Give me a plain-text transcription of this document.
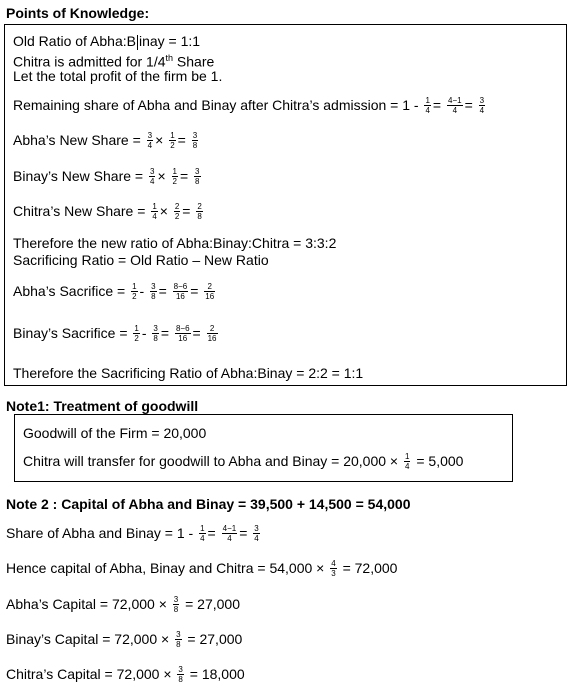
Points of Knowledge:
Old Ratio of Abha:B inay = 1:1
Chitra is admitted for 1/4th Share
Let the total profit of the firm be 1.
Remaining share of Abha and Binay after Chitra’s admission = $1 - \frac{1}{4} = \frac{4-1}{4} = \frac{3}{4}$
Abha’s New Share = $\frac{3}{4} \times \frac{1}{2} = \frac{3}{8}$
Binay’s New Share = $\frac{3}{4} \times \frac{1}{2} = \frac{3}{8}$
Chitra’s New Share = $\frac{1}{4} \times \frac{2}{2} = \frac{2}{8}$
Therefore the new ratio of Abha:Binay:Chitra = 3:3:2
Sacrificing Ratio = Old Ratio – New Ratio
Abha’s Sacrifice = $\frac{1}{2} - \frac{3}{8} = \frac{8-6}{16} = \frac{2}{16}$
Binay’s Sacrifice = $\frac{1}{2} - \frac{3}{8} = \frac{8-6}{16} = \frac{2}{16}$
Therefore the Sacrificing Ratio of Abha:Binay = 2:2 = 1:1
Note1: Treatment of goodwill
Goodwill of the Firm = 20,000
Chitra will transfer for goodwill to Abha and Binay = $20,000 \times \frac{1}{4} = 5,000$
Note 2 : Capital of Abha and Binay = 39,500 + 14,500 = 54,000
Share of Abha and Binay = $1 - \frac{1}{4} = \frac{4-1}{4} = \frac{3}{4}$
Hence capital of Abha, Binay and Chitra = $54,000 \times \frac{4}{3} = 72,000$
Abha’s Capital = $72,000 \times \frac{3}{8} = 27,000$
Binay’s Capital = $72,000 \times \frac{3}{8} = 27,000$
Chitra’s Capital = $72,000 \times \frac{3}{8} = 18,000$
